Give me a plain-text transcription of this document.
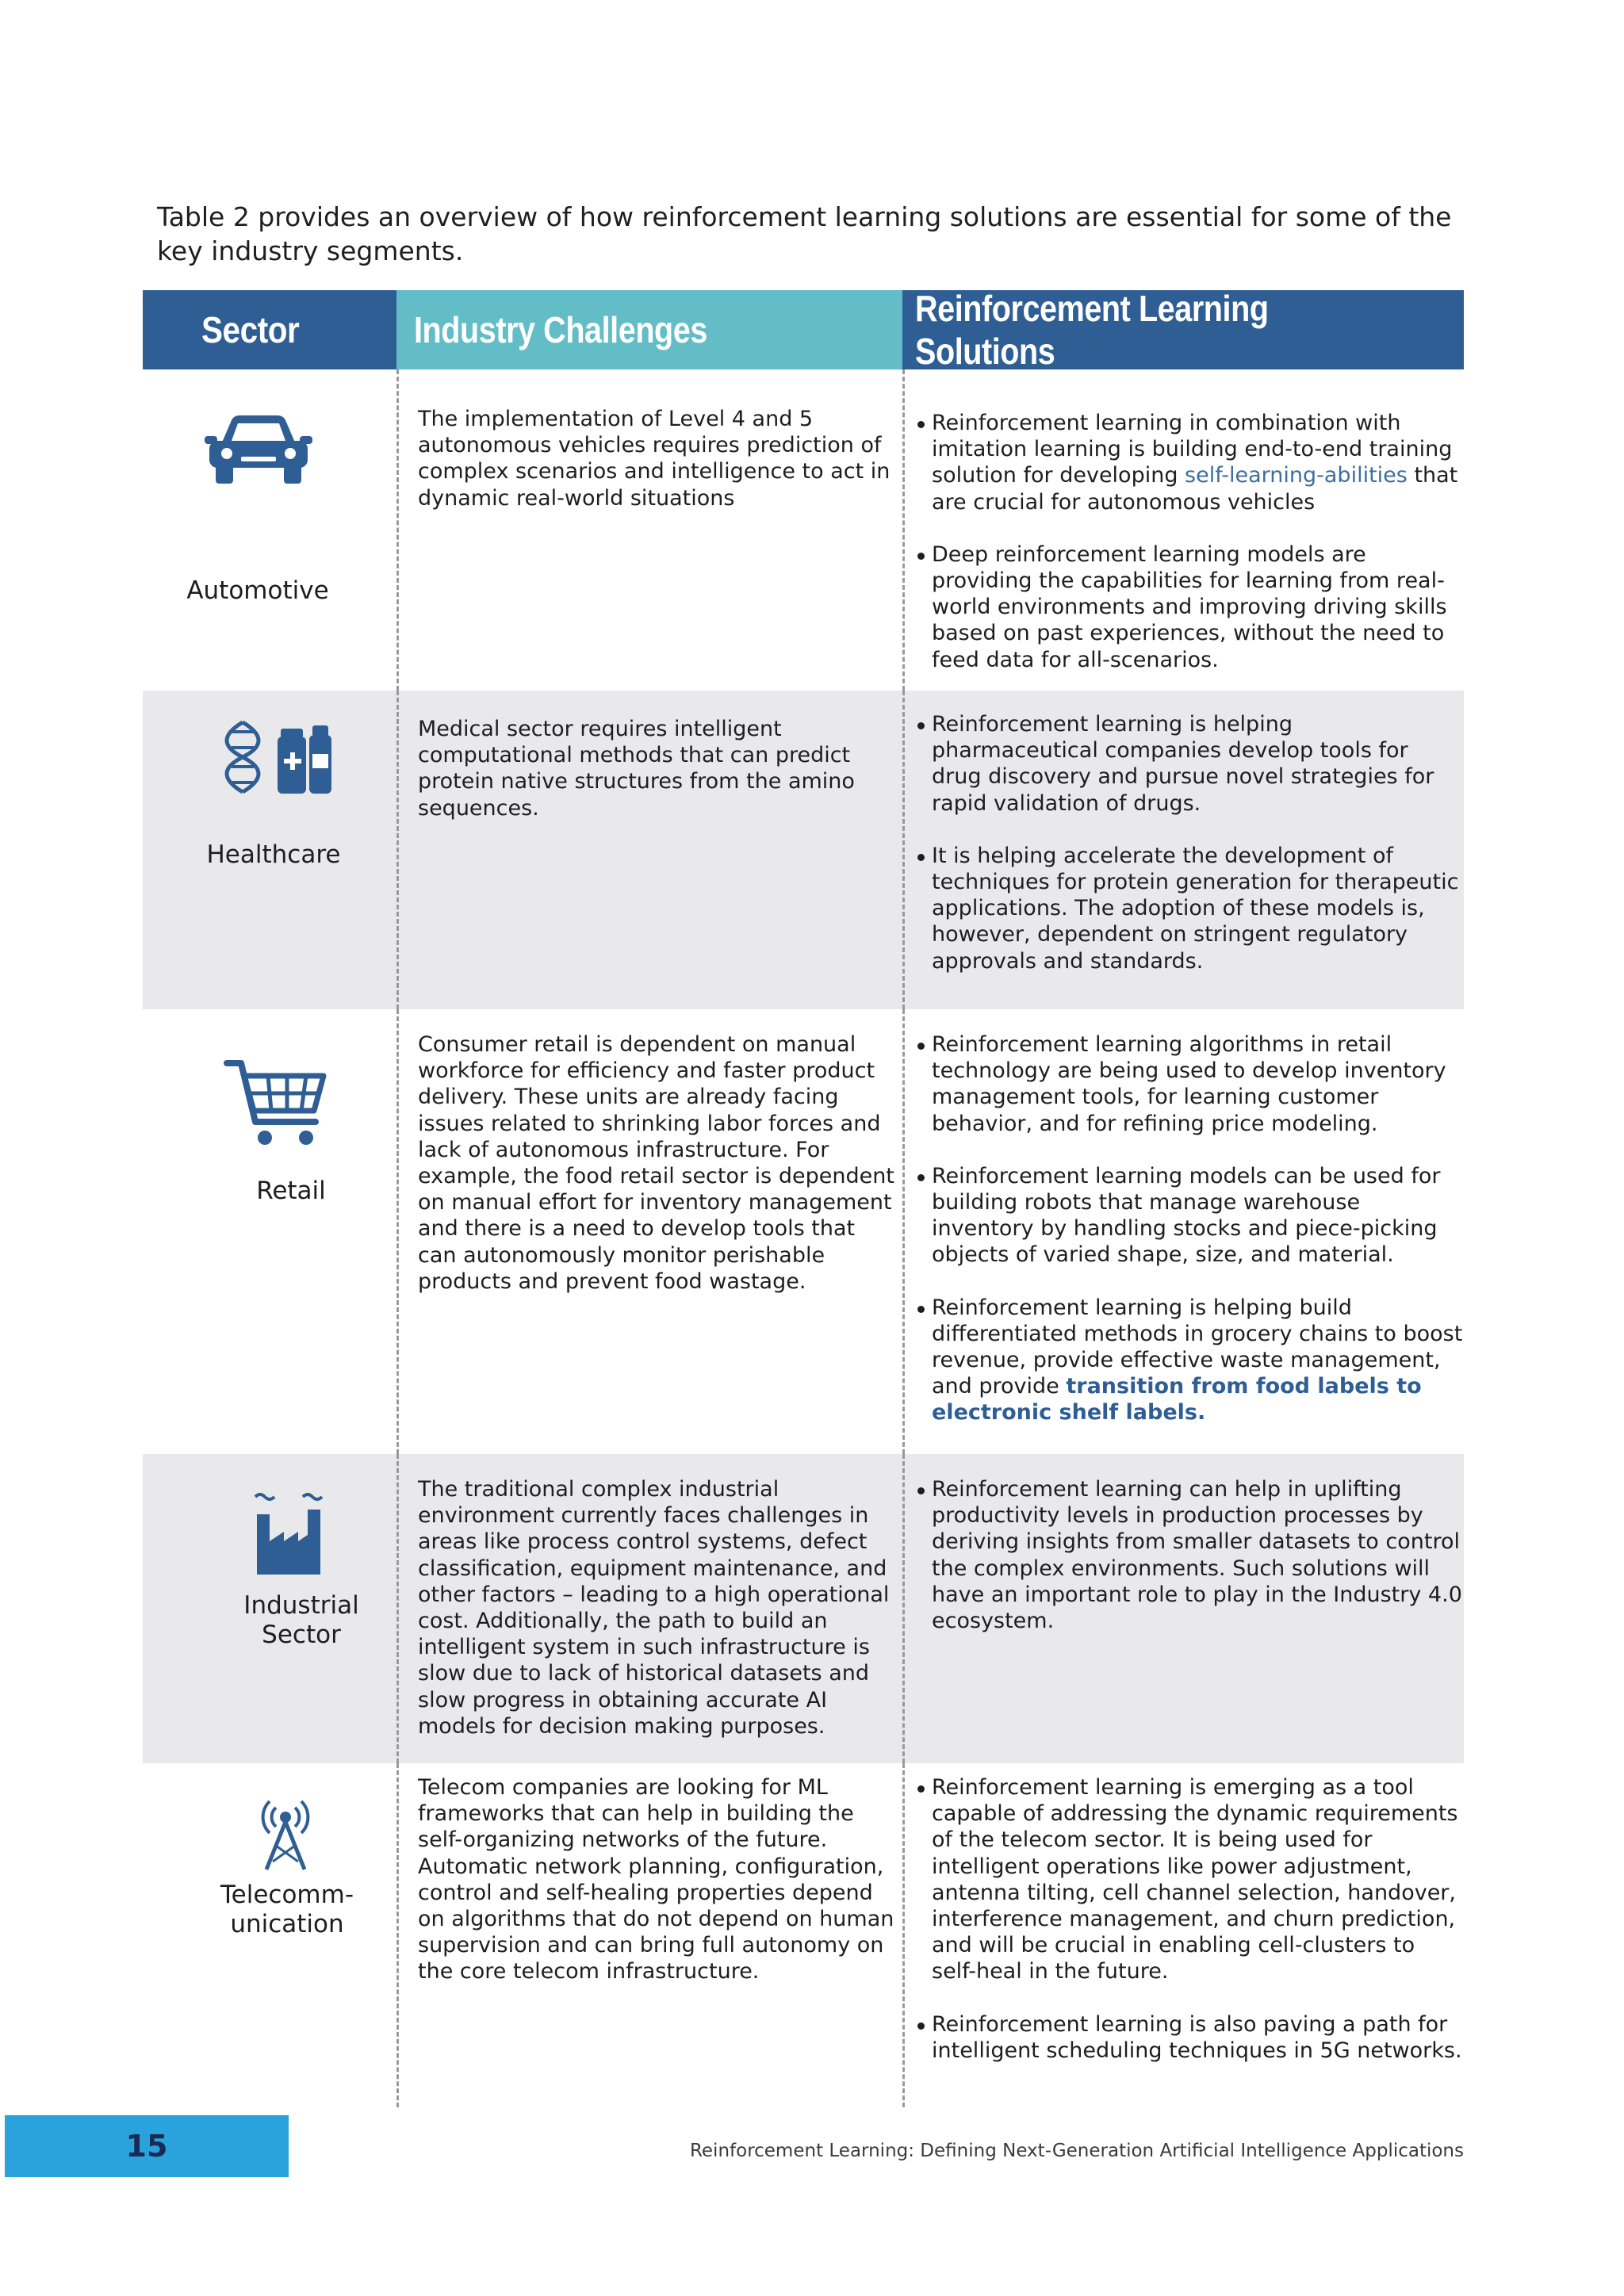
Table 2 provides an overview of how reinforcement learning solutions are essential for some of the key industry segments.

Sector	Industry Challenges
Reinforcement Learning Solutions
Automotive
The implementation of Level 4 and 5 autonomous vehicles requires prediction of complex scenarios and intelligence to act in dynamic real-world situations
Reinforcement learning in combination with imitation learning is building end-to-end training solution for developing self-learning-abilities that are crucial for autonomous vehicles
Deep reinforcement learning models are providing the capabilities for learning from real-world environments and improving driving skills based on past experiences, without the need to feed data for all-scenarios.
Healthcare
Medical sector requires intelligent computational methods that can predict protein native structures from the amino sequences.
Reinforcement learning is helping pharmaceutical companies develop tools for drug discovery and pursue novel strategies for rapid validation of drugs.
It is helping accelerate the development of techniques for protein generation for therapeutic applications. The adoption of these models is, however, dependent on stringent regulatory approvals and standards.
Retail
Consumer retail is dependent on manual workforce for efficiency and faster product delivery. These units are already facing issues related to shrinking labor forces and lack of autonomous infrastructure. For example, the food retail sector is dependent on manual effort for inventory management and there is a need to develop tools that can autonomously monitor perishable products and prevent food wastage.
Reinforcement learning algorithms in retail technology are being used to develop inventory management tools, for learning customer behavior, and for refining price modeling.
Reinforcement learning models can be used for building robots that manage warehouse inventory by handling stocks and piece-picking objects of varied shape, size, and material.
Reinforcement learning is helping build differentiated methods in grocery chains to boost revenue, provide effective waste management, and provide transition from food labels to electronic shelf labels.
Industrial
Sector
The traditional complex industrial environment currently faces challenges in areas like process control systems, defect classification, equipment maintenance, and other factors – leading to a high operational cost. Additionally, the path to build an intelligent system in such infrastructure is slow due to lack of historical datasets and slow progress in obtaining accurate AI models for decision making purposes.
Reinforcement learning can help in uplifting productivity levels in production processes by deriving insights from smaller datasets to control the complex environments. Such solutions will have an important role to play in the Industry 4.0 ecosystem.
Telecomm-
unication
Telecom companies are looking for ML frameworks that can help in building the self-organizing networks of the future. Automatic network planning, configuration, control and self-healing properties depend on algorithms that do not depend on human supervision and can bring full autonomy on the core telecom infrastructure.
Reinforcement learning is emerging as a tool capable of addressing the dynamic requirements of the telecom sector. It is being used for intelligent operations like power adjustment, antenna tilting, cell channel selection, handover, interference management, and churn prediction, and will be crucial in enabling cell-clusters to self-heal in the future.
Reinforcement learning is also paving a path for intelligent scheduling techniques in 5G networks.
15	Reinforcement Learning: Defining Next-Generation Artificial Intelligence Applications
